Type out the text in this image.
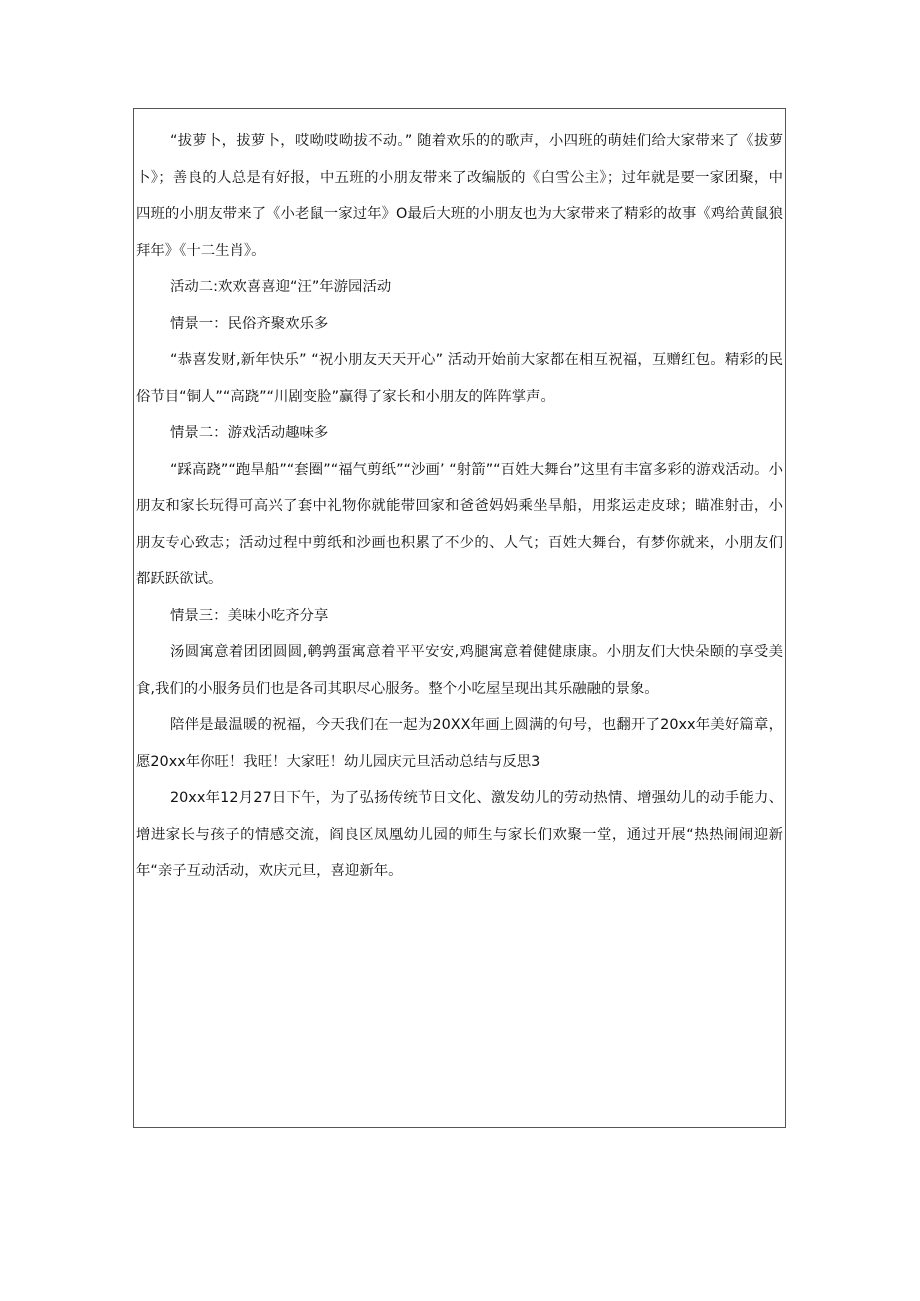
“拔萝卜，拔萝卜，哎呦哎呦拔不动。” 随着欢乐的的歌声，小四班的萌娃们给大家带来了《拔萝卜》；善良的人总是有好报，中五班的小朋友带来了改编版的《白雪公主》；过年就是要一家团聚，中四班的小朋友带来了《小老鼠一家过年》O最后大班的小朋友也为大家带来了精彩的故事《鸡给黄鼠狼拜年》《十二生肖》。

活动二:欢欢喜喜迎“汪”年游园活动

情景一：民俗齐聚欢乐多

“恭喜发财,新年快乐” “祝小朋友天天开心” 活动开始前大家都在相互祝福，互赠红包。精彩的民俗节目“铜人”“高跷”“川剧变脸”赢得了家长和小朋友的阵阵掌声。

情景二：游戏活动趣味多

“踩高跷”“跑旱船”“套圈”“福气剪纸”“沙画’ “射箭”“百姓大舞台”这里有丰富多彩的游戏活动。小朋友和家长玩得可高兴了套中礼物你就能带回家和爸爸妈妈乘坐旱船，用浆运走皮球；瞄准射击，小朋友专心致志；活动过程中剪纸和沙画也积累了不少的、人气；百姓大舞台，有梦你就来，小朋友们都跃跃欲试。

情景三：美味小吃齐分享

汤圆寓意着团团圆圆,鹌鹑蛋寓意着平平安安,鸡腿寓意着健健康康。小朋友们大快朵颐的享受美食,我们的小服务员们也是各司其职尽心服务。整个小吃屋呈现出其乐融融的景象。

陪伴是最温暖的祝福，今天我们在一起为20XX年画上圆满的句号，也翻开了20xx年美好篇章，愿20xx年你旺！我旺！大家旺！幼儿园庆元旦活动总结与反思3

20xx年12月27日下午，为了弘扬传统节日文化、激发幼儿的劳动热情、增强幼儿的动手能力、增进家长与孩子的情感交流，阎良区凤凰幼儿园的师生与家长们欢聚一堂，通过开展“热热闹闹迎新年“亲子互动活动，欢庆元旦，喜迎新年。
